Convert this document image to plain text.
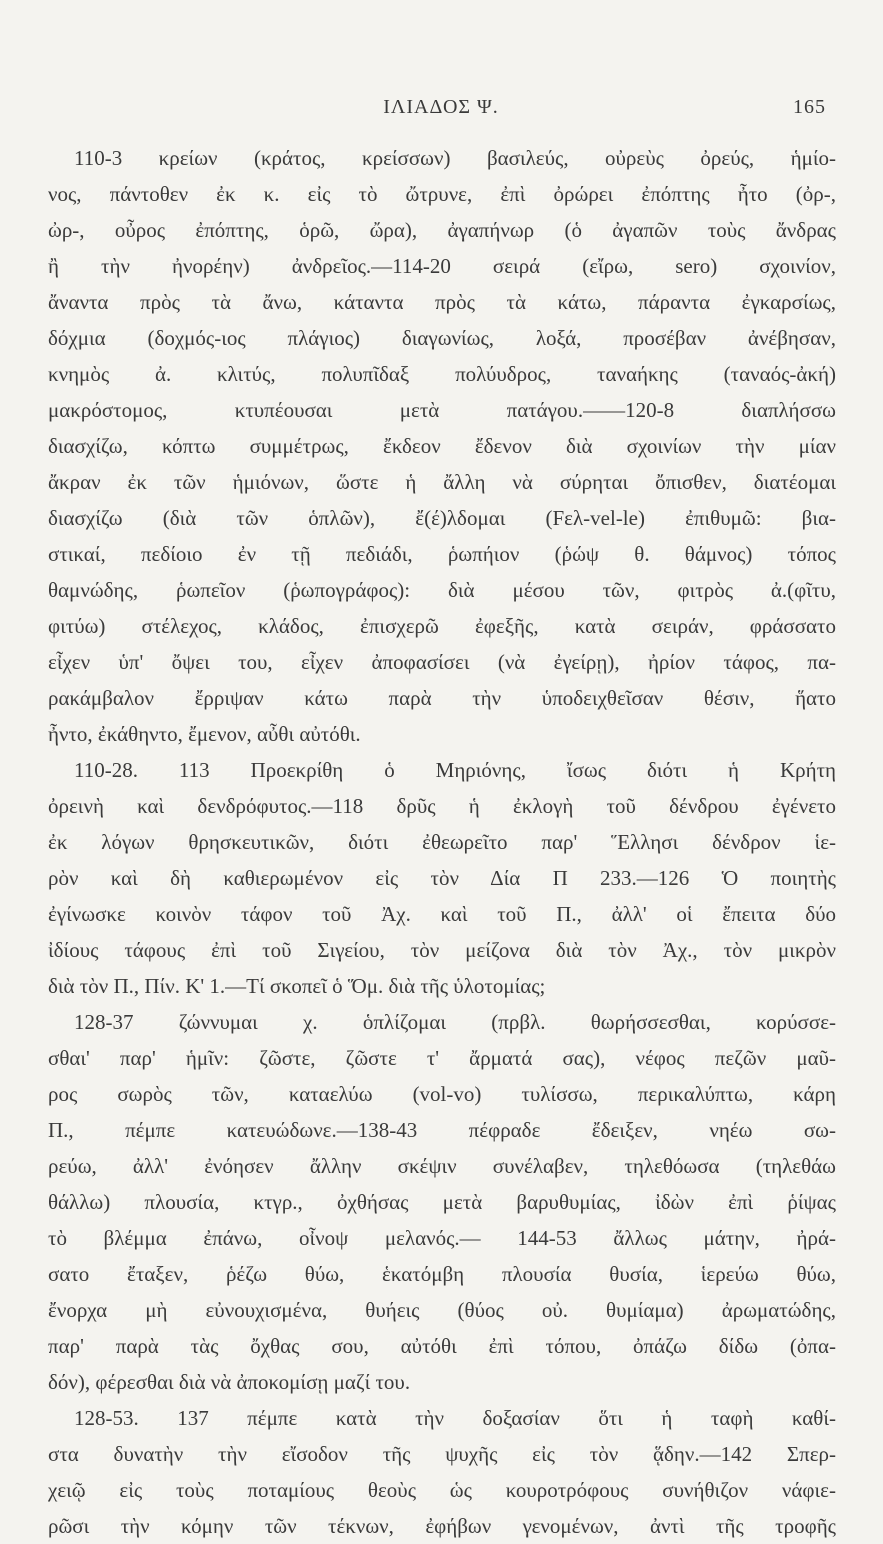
ΙΛΙΑΔΟΣ Ψ.	165
110-3 κρείων (κράτος, κρείσσων) βασιλεύς, οὐρεὺς ὀρεύς, ἡμίο-
νος, πάντοθεν ἐκ κ. εἰς τὸ ὤτρυνε, ἐπὶ ὀρώρει ἐπόπτης ἦτο (ὀρ-,
ὠρ-, οὖρος ἐπόπτης, ὁρῶ, ὤρα), ἀγαπήνωρ (ὁ ἀγαπῶν τοὺς ἄνδρας
ἢ τὴν ἠνορέην) ἀνδρεῖος.—114-20 σειρά (εἴρω, sero) σχοινίον,
ἄναντα πρὸς τὰ ἄνω, κάταντα πρὸς τὰ κάτω, πάραντα ἐγκαρσίως,
δόχμια (δοχμός-ιος πλάγιος) διαγωνίως, λοξά, προσέβαν ἀνέβησαν,
κνημὸς ἀ. κλιτύς, πολυπῖδαξ πολύυδρος, ταναήκης (ταναός-ἀκή)
μακρόστομος, κτυπέουσαι μετὰ πατάγου.——120-8 διαπλήσσω
διασχίζω, κόπτω συμμέτρως, ἔκδεον ἔδενον διὰ σχοινίων τὴν μίαν
ἄκραν ἐκ τῶν ἡμιόνων, ὥστε ἡ ἄλλη νὰ σύρηται ὄπισθεν, διατέομαι
διασχίζω (διὰ τῶν ὁπλῶν), ἔ(έ)λδομαι (Fελ-vel-le) ἐπιθυμῶ: βια-
στικαί, πεδίοιο ἐν τῇ πεδιάδι, ῥωπήιον (ῥώψ θ. θάμνος) τόπος
θαμνώδης, ῥωπεῖον (ῥωπογράφος): διὰ μέσου τῶν, φιτρὸς ἀ.(φῖτυ,
φιτύω) στέλεχος, κλάδος, ἐπισχερῶ ἐφεξῆς, κατὰ σειράν, φράσσατο
εἶχεν ὑπ' ὄψει του, εἶχεν ἀποφασίσει (νὰ ἐγείρῃ), ἠρίον τάφος, πα-
ρακάμβαλον ἔρριψαν κάτω παρὰ τὴν ὑποδειχθεῖσαν θέσιν, ἥατο
ἦντο, ἐκάθηντο, ἔμενον, αὖθι αὐτόθι.
110-28. 113 Προεκρίθη ὁ Μηριόνης, ἴσως διότι ἡ Κρήτη
ὀρεινὴ καὶ δενδρόφυτος.—118 δρῦς ἡ ἐκλογὴ τοῦ δένδρου ἐγένετο
ἐκ λόγων θρησκευτικῶν, διότι ἐθεωρεῖτο παρ' Ἕλλησι δένδρον ἱε-
ρὸν καὶ δὴ καθιερωμένον εἰς τὸν Δία Π 233.—126 Ὁ ποιητὴς
ἐγίνωσκε κοινὸν τάφον τοῦ Ἀχ. καὶ τοῦ Π., ἀλλ' οἱ ἔπειτα δύο
ἰδίους τάφους ἐπὶ τοῦ Σιγείου, τὸν μείζονα διὰ τὸν Ἀχ., τὸν μικρὸν
διὰ τὸν Π., Πίν. Κ' 1.—Τί σκοπεῖ ὁ Ὅμ. διὰ τῆς ὑλοτομίας;
128-37 ζώννυμαι χ. ὁπλίζομαι (πρβλ. θωρήσσεσθαι, κορύσσε-
σθαι' παρ' ἡμῖν: ζῶστε, ζῶστε τ' ἄρματά σας), νέφος πεζῶν μαῦ-
ρος σωρὸς τῶν, καταελύω (vol-vo) τυλίσσω, περικαλύπτω, κάρη
Π., πέμπε κατευώδωνε.—138-43 πέφραδε ἔδειξεν, νηέω σω-
ρεύω, ἀλλ' ἐνόησεν ἄλλην σκέψιν συνέλαβεν, τηλεθόωσα (τηλεθάω
θάλλω) πλουσία, κτγρ., ὀχθήσας μετὰ βαρυθυμίας, ἰδὼν ἐπὶ ῥίψας
τὸ βλέμμα ἐπάνω, οἶνοψ μελανός.— 144-53 ἄλλως μάτην, ἠρά-
σατο ἔταξεν, ῥέζω θύω, ἑκατόμβη πλουσία θυσία, ἱερεύω θύω,
ἔνορχα μὴ εὐνουχισμένα, θυήεις (θύος οὐ. θυμίαμα) ἀρωματώδης,
παρ' παρὰ τὰς ὄχθας σου, αὐτόθι ἐπὶ τόπου, ὀπάζω δίδω (ὀπα-
δόν), φέρεσθαι διὰ νὰ ἀποκομίσῃ μαζί του.
128-53. 137 πέμπε κατὰ τὴν δοξασίαν ὅτι ἡ ταφὴ καθί-
στα δυνατὴν τὴν εἴσοδον τῆς ψυχῆς εἰς τὸν ᾅδην.—142 Σπερ-
χειῷ εἰς τοὺς ποταμίους θεοὺς ὡς κουροτρόφους συνήθιζον νάφιε-
ρῶσι τὴν κόμην τῶν τέκνων, ἐφήβων γενομένων, ἀντὶ τῆς τροφῆς
